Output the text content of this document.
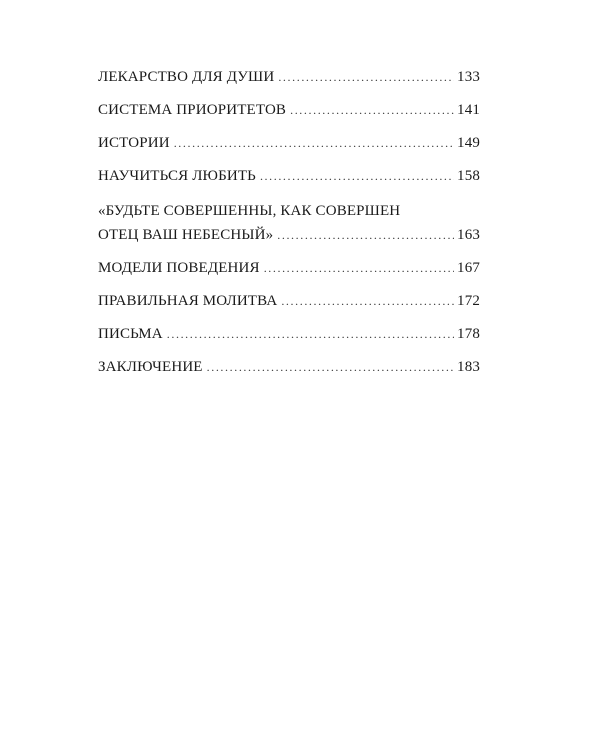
ЛЕКАРСТВО ДЛЯ ДУШИ .....	133
СИСТЕМА ПРИОРИТЕТОВ .....	141
ИСТОРИИ .....	149
НАУЧИТЬСЯ ЛЮБИТЬ .....	158
«БУДЬТЕ СОВЕРШЕННЫ, КАК СОВЕРШЕН
ОТЕЦ ВАШ НЕБЕСНЫЙ» .....	163
МОДЕЛИ ПОВЕДЕНИЯ .....	167
ПРАВИЛЬНАЯ МОЛИТВА .....	172
ПИСЬМА .....	178
ЗАКЛЮЧЕНИЕ .....	183
